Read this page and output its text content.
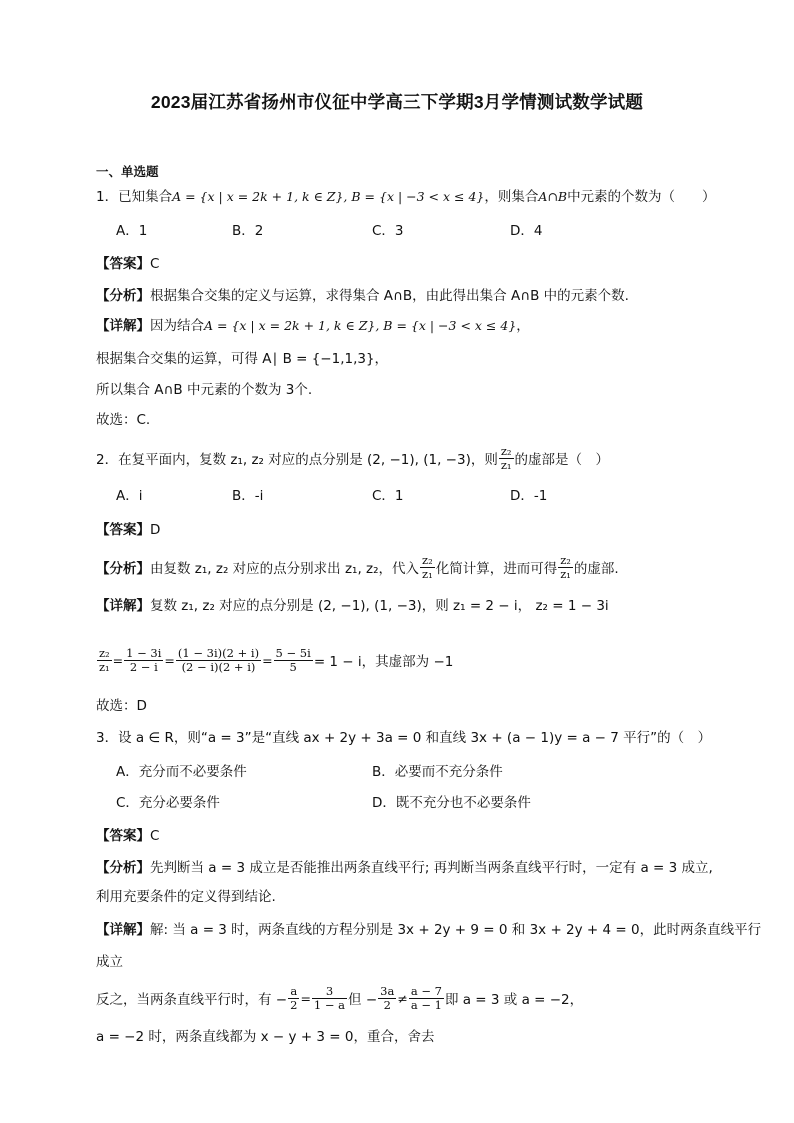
2023届江苏省扬州市仪征中学高三下学期3月学情测试数学试题
一、单选题
1．已知集合A = {x | x = 2k + 1, k ∈ Z}, B = {x | −3 < x ≤ 4}，则集合A∩B中元素的个数为（　　）
A．1	B．2	C．3	D．4
【答案】C
【分析】根据集合交集的定义与运算，求得集合 A∩B，由此得出集合 A∩B 中的元素个数.
【详解】因为结合A = {x | x = 2k + 1, k ∈ Z}, B = {x | −3 < x ≤ 4}，
根据集合交集的运算，可得 A∣ B = {−1,1,3}，
所以集合 A∩B 中元素的个数为 3个.
故选：C.
2．在复平面内，复数 z₁, z₂ 对应的点分别是 (2, −1), (1, −3)，则 $\frac{\text{z₂}}{\text{z₁}}$ 的虚部是（　）
A．i	B．-i	C．1	D．-1
【答案】D
【分析】 由复数 z₁, z₂ 对应的点分别求出 z₁, z₂，代入 $\frac{\text{z₂}}{\text{z₁}}$ 化简计算，进而可得 $\frac{\text{z₂}}{\text{z₁}}$ 的虚部.
【详解】复数 z₁, z₂ 对应的点分别是 (2, −1), (1, −3)，则 z₁ = 2 − i， z₂ = 1 − 3i
$\frac{\text{z₂}}{\text{z₁}} = \frac{1 - 3i}{2 - i} = \frac{(1 - 3i)(2 + i)}{(2 - i)(2 + i)} = \frac{5 - 5i}{5} = 1 - i$，其虚部为 −1
故选：D
3．设 a ∈ R，则“a = 3”是“直线 ax + 2y + 3a = 0 和直线 3x + (a − 1)y = a − 7 平行”的（　）
A．充分而不必要条件	B．必要而不充分条件
C．充分必要条件	D．既不充分也不必要条件
【答案】C
【分析】先判断当 a = 3 成立是否能推出两条直线平行; 再判断当两条直线平行时，一定有 a = 3 成立,
利用充要条件的定义得到结论.
【详解】解: 当 a = 3 时，两条直线的方程分别是 3x + 2y + 9 = 0 和 3x + 2y + 4 = 0，此时两条直线平行
成立
反之，当两条直线平行时，有 − $\frac{a}{2} = \frac{3}{1 - a}$ 但 − $\frac{3a}{2} \ne \frac{a - 7}{a - 1}$ 即 a = 3 或 a = −2，
a = −2 时，两条直线都为 x − y + 3 = 0，重合，舍去
